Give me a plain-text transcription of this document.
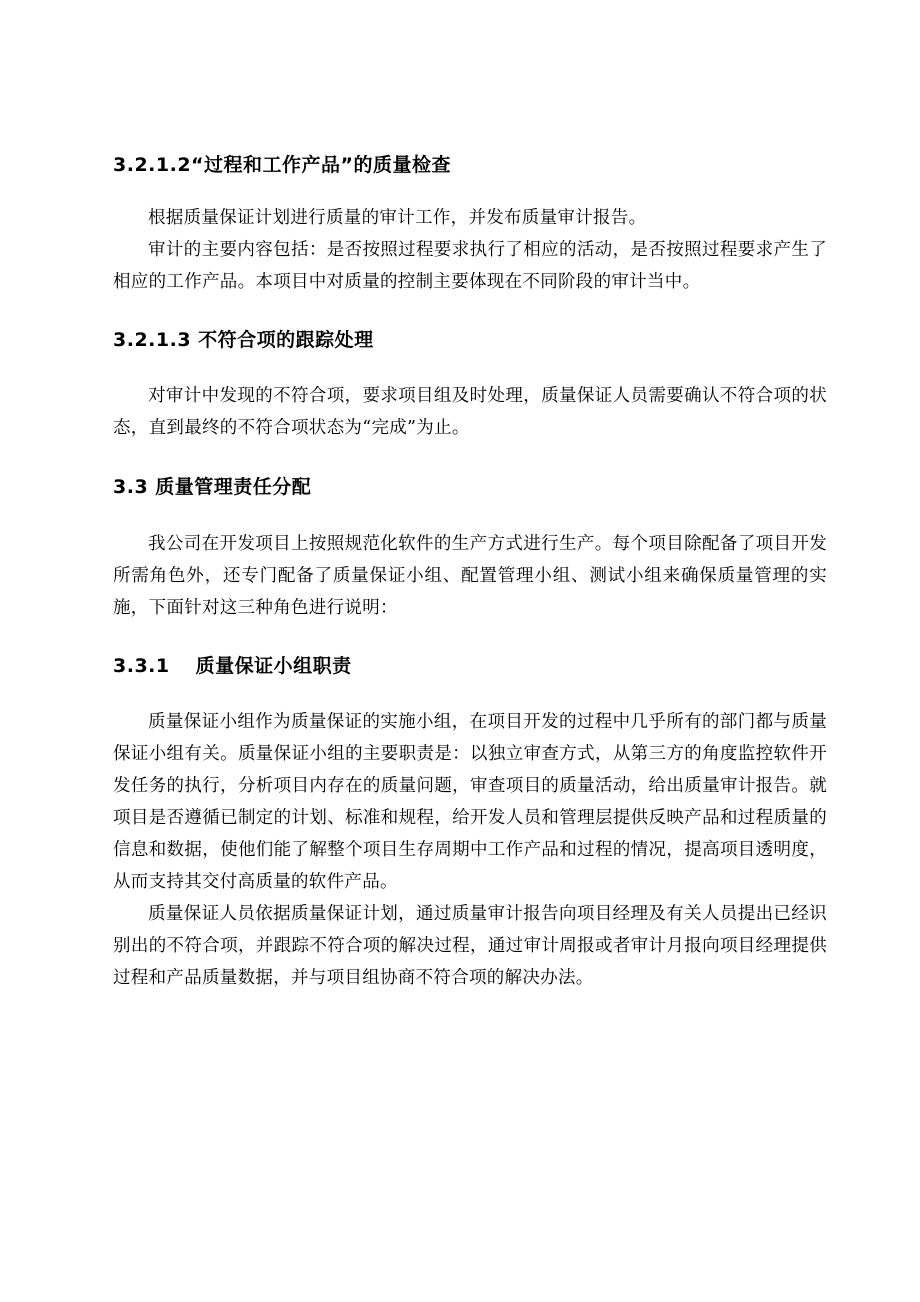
3.2.1.2“过程和工作产品”的质量检查

根据质量保证计划进行质量的审计工作，并发布质量审计报告。

审计的主要内容包括：是否按照过程要求执行了相应的活动，是否按照过程要求产生了相应的工作产品。本项目中对质量的控制主要体现在不同阶段的审计当中。

3.2.1.3 不符合项的跟踪处理

对审计中发现的不符合项，要求项目组及时处理，质量保证人员需要确认不符合项的状态，直到最终的不符合项状态为“完成”为止。

3.3 质量管理责任分配

我公司在开发项目上按照规范化软件的生产方式进行生产。每个项目除配备了项目开发所需角色外，还专门配备了质量保证小组、配置管理小组、测试小组来确保质量管理的实施，下面针对这三种角色进行说明：

3.3.1 质量保证小组职责

质量保证小组作为质量保证的实施小组，在项目开发的过程中几乎所有的部门都与质量保证小组有关。质量保证小组的主要职责是：以独立审查方式，从第三方的角度监控软件开发任务的执行，分析项目内存在的质量问题，审查项目的质量活动，给出质量审计报告。就项目是否遵循已制定的计划、标准和规程，给开发人员和管理层提供反映产品和过程质量的信息和数据，使他们能了解整个项目生存周期中工作产品和过程的情况，提高项目透明度，从而支持其交付高质量的软件产品。

质量保证人员依据质量保证计划，通过质量审计报告向项目经理及有关人员提出已经识别出的不符合项，并跟踪不符合项的解决过程，通过审计周报或者审计月报向项目经理提供过程和产品质量数据，并与项目组协商不符合项的解决办法。
